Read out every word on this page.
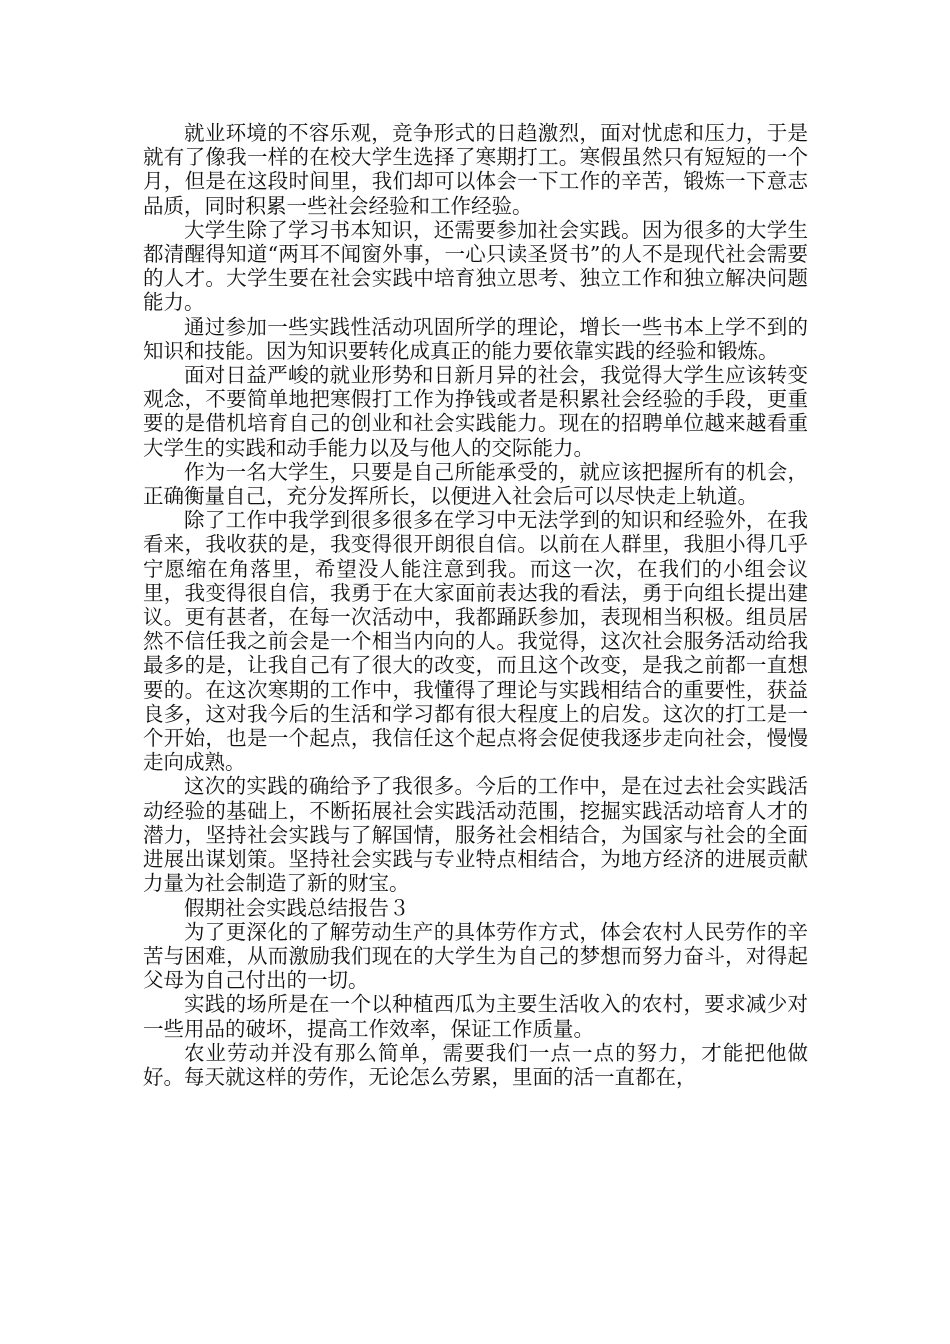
就业环境的不容乐观，竞争形式的日趋激烈，面对忧虑和压力，于是就有了像我一样的在校大学生选择了寒期打工。寒假虽然只有短短的一个月，但是在这段时间里，我们却可以体会一下工作的辛苦，锻炼一下意志品质，同时积累一些社会经验和工作经验。

大学生除了学习书本知识，还需要参加社会实践。因为很多的大学生都清醒得知道“两耳不闻窗外事，一心只读圣贤书”的人不是现代社会需要的人才。大学生要在社会实践中培育独立思考、独立工作和独立解决问题能力。

通过参加一些实践性活动巩固所学的理论，增长一些书本上学不到的知识和技能。因为知识要转化成真正的能力要依靠实践的经验和锻炼。

面对日益严峻的就业形势和日新月异的社会，我觉得大学生应该转变观念，不要简单地把寒假打工作为挣钱或者是积累社会经验的手段，更重要的是借机培育自己的创业和社会实践能力。现在的招聘单位越来越看重大学生的实践和动手能力以及与他人的交际能力。

作为一名大学生，只要是自己所能承受的，就应该把握所有的机会，正确衡量自己，充分发挥所长，以便进入社会后可以尽快走上轨道。

除了工作中我学到很多很多在学习中无法学到的知识和经验外，在我看来，我收获的是，我变得很开朗很自信。以前在人群里，我胆小得几乎宁愿缩在角落里，希望没人能注意到我。而这一次，在我们的小组会议里，我变得很自信，我勇于在大家面前表达我的看法，勇于向组长提出建议。更有甚者，在每一次活动中，我都踊跃参加，表现相当积极。组员居然不信任我之前会是一个相当内向的人。我觉得，这次社会服务活动给我最多的是，让我自己有了很大的改变，而且这个改变，是我之前都一直想要的。在这次寒期的工作中，我懂得了理论与实践相结合的重要性，获益良多，这对我今后的生活和学习都有很大程度上的启发。这次的打工是一个开始，也是一个起点，我信任这个起点将会促使我逐步走向社会，慢慢走向成熟。

这次的实践的确给予了我很多。今后的工作中，是在过去社会实践活动经验的基础上，不断拓展社会实践活动范围，挖掘实践活动培育人才的潜力，坚持社会实践与了解国情，服务社会相结合，为国家与社会的全面进展出谋划策。坚持社会实践与专业特点相结合，为地方经济的进展贡献力量为社会制造了新的财宝。

假期社会实践总结报告３

为了更深化的了解劳动生产的具体劳作方式，体会农村人民劳作的辛苦与困难，从而激励我们现在的大学生为自己的梦想而努力奋斗，对得起父母为自己付出的一切。

实践的场所是在一个以种植西瓜为主要生活收入的农村，要求减少对一些用品的破坏，提高工作效率，保证工作质量。

农业劳动并没有那么简单，需要我们一点一点的努力，才能把他做好。每天就这样的劳作，无论怎么劳累，里面的活一直都在，
